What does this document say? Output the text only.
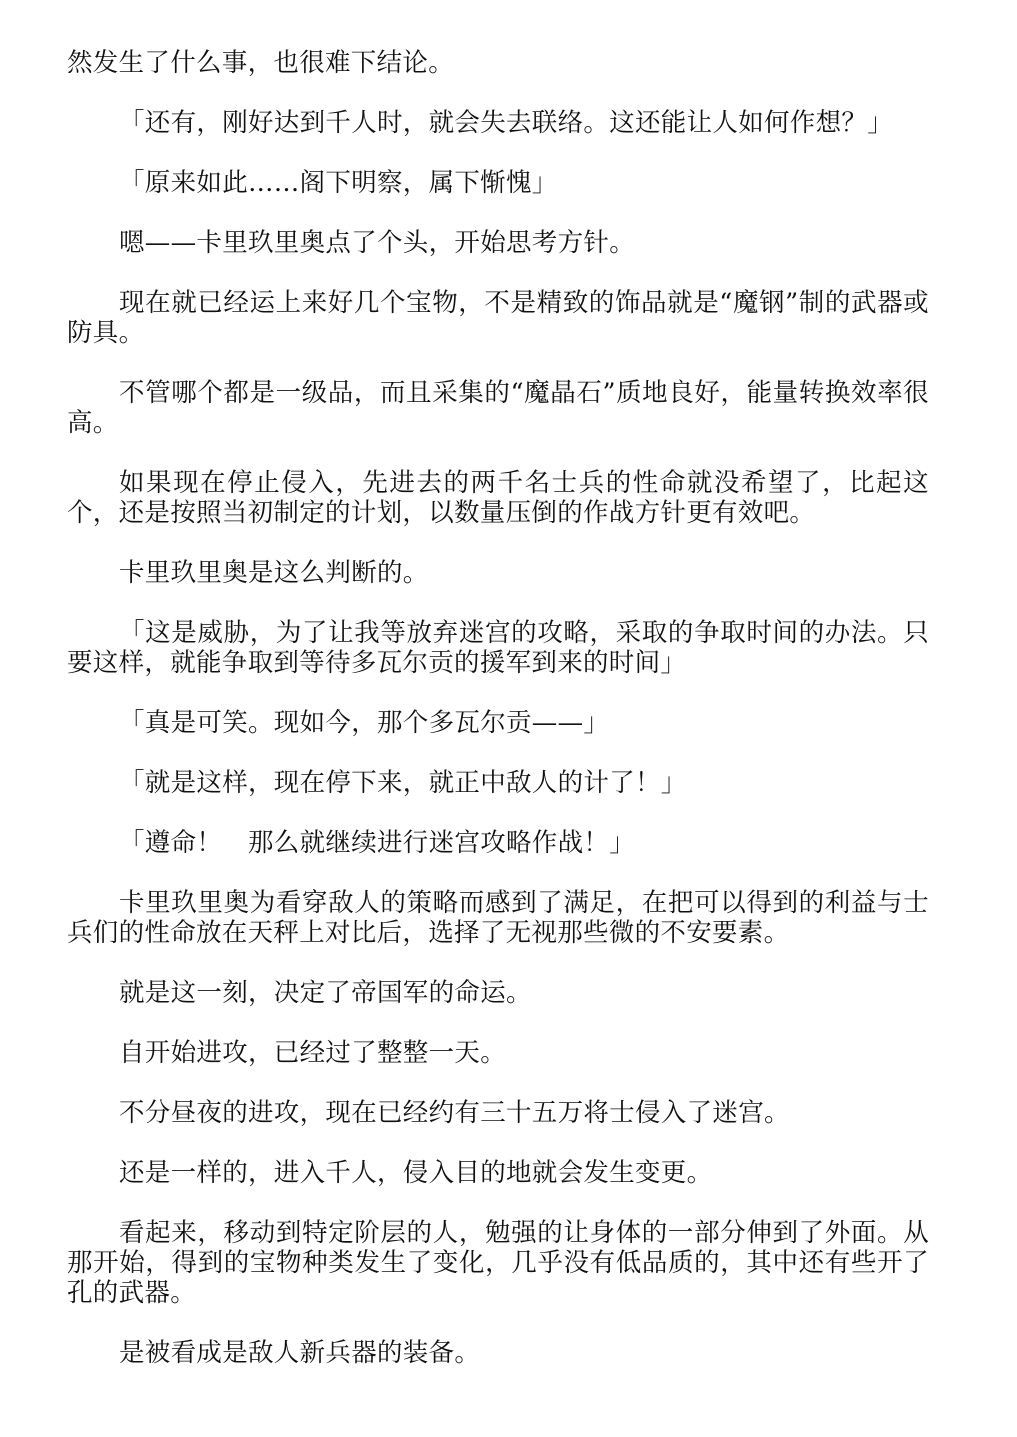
然发生了什么事，也很难下结论。

「还有，刚好达到千人时，就会失去联络。这还能让人如何作想？」

「原来如此……阁下明察，属下惭愧」

嗯——卡里玖里奥点了个头，开始思考方针。

现在就已经运上来好几个宝物，不是精致的饰品就是“魔钢”制的武器或防具。

不管哪个都是一级品，而且采集的“魔晶石”质地良好，能量转换效率很高。

如果现在停止侵入，先进去的两千名士兵的性命就没希望了，比起这个，还是按照当初制定的计划，以数量压倒的作战方针更有效吧。

卡里玖里奥是这么判断的。

「这是威胁，为了让我等放弃迷宫的攻略，采取的争取时间的办法。只要这样，就能争取到等待多瓦尔贡的援军到来的时间」

「真是可笑。现如今，那个多瓦尔贡——」

「就是这样，现在停下来，就正中敌人的计了！」

「遵命！　那么就继续进行迷宫攻略作战！」

卡里玖里奥为看穿敌人的策略而感到了满足，在把可以得到的利益与士兵们的性命放在天秤上对比后，选择了无视那些微的不安要素。

就是这一刻，决定了帝国军的命运。

自开始进攻，已经过了整整一天。

不分昼夜的进攻，现在已经约有三十五万将士侵入了迷宫。

还是一样的，进入千人，侵入目的地就会发生变更。

看起来，移动到特定阶层的人，勉强的让身体的一部分伸到了外面。从那开始，得到的宝物种类发生了变化，几乎没有低品质的，其中还有些开了孔的武器。

是被看成是敌人新兵器的装备。
